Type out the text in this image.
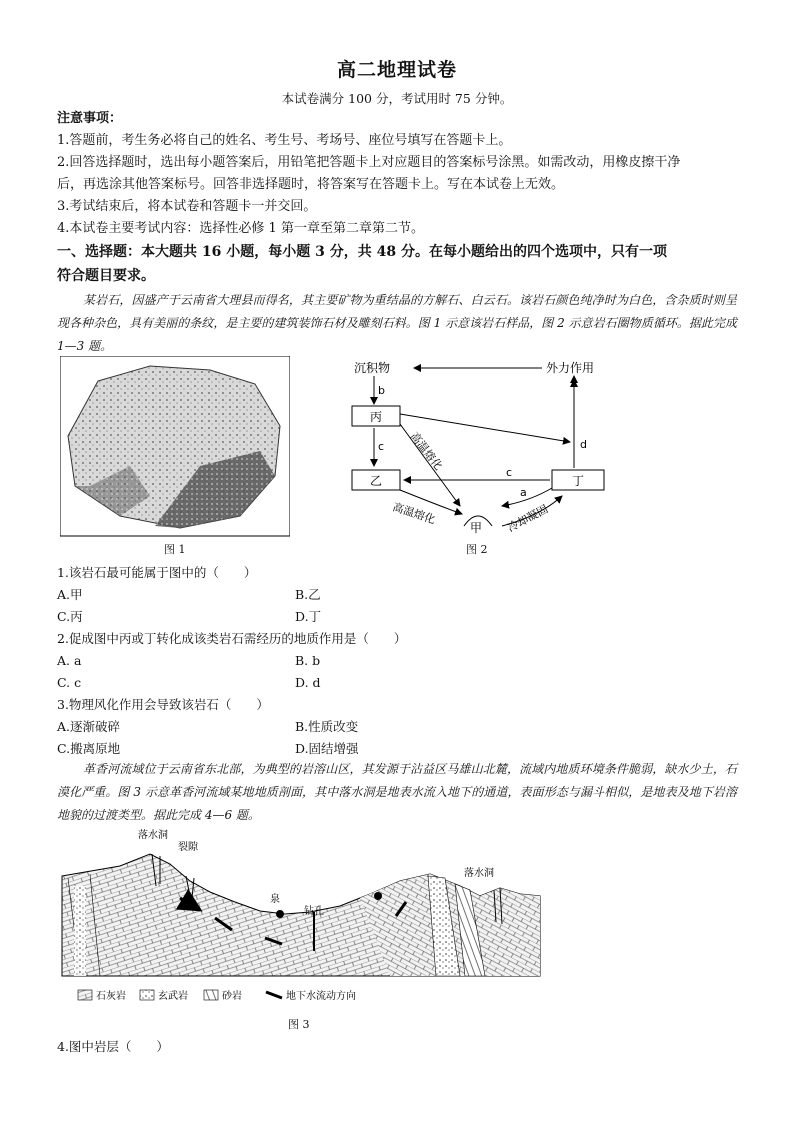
高二地理试卷
本试卷满分 100 分，考试用时 75 分钟。
注意事项：
1.答题前，考生务必将自己的姓名、考生号、考场号、座位号填写在答题卡上。
2.回答选择题时，选出每小题答案后，用铅笔把答题卡上对应题目的答案标号涂黑。如需改动，用橡皮擦干净
后，再选涂其他答案标号。回答非选择题时，将答案写在答题卡上。写在本试卷上无效。
3.考试结束后，将本试卷和答题卡一并交回。
4.本试卷主要考试内容：选择性必修 1 第一章至第二章第二节。
一、选择题：本大题共 16 小题，每小题 3 分，共 48 分。在每小题给出的四个选项中，只有一项
符合题目要求。
某岩石，因盛产于云南省大理县而得名，其主要矿物为重结晶的方解石、白云石。该岩石颜色纯净时为白色，含杂质时则呈现各种杂色，具有美丽的条纹，是主要的建筑装饰石材及雕刻石料。图 1 示意该岩石样品，图 2 示意岩石圈物质循环。据此完成 1—3 题。
图 1
沉积物	外力作用
b
丙
c
乙	丁
c
d
高温熔化
高温熔化
a
冷却凝固
甲
图 2
1.该岩石最可能属于图中的（　　）
A.甲	B.乙
C.丙	D.丁
2.促成图中丙或丁转化成该类岩石需经历的地质作用是（　　）
A. a	B. b
C. c	D. d
3.物理风化作用会导致该岩石（　　）
A.逐渐破碎	B.性质改变
C.搬离原地	D.固结增强
革香河流域位于云南省东北部，为典型的岩溶山区，其发源于沾益区马雄山北麓，流域内地质环境条件脆弱，缺水少土，石漠化严重。图 3 示意革香河流域某地地质剖面，其中落水洞是地表水流入地下的通道，表面形态与漏斗相似，是地表及地下岩溶地貌的过渡类型。据此完成 4—6 题。
落水洞
裂隙
泉
钻孔
落水洞
石灰岩	玄武岩	砂岩	地下水流动方向
图 3
4.图中岩层（　　）
